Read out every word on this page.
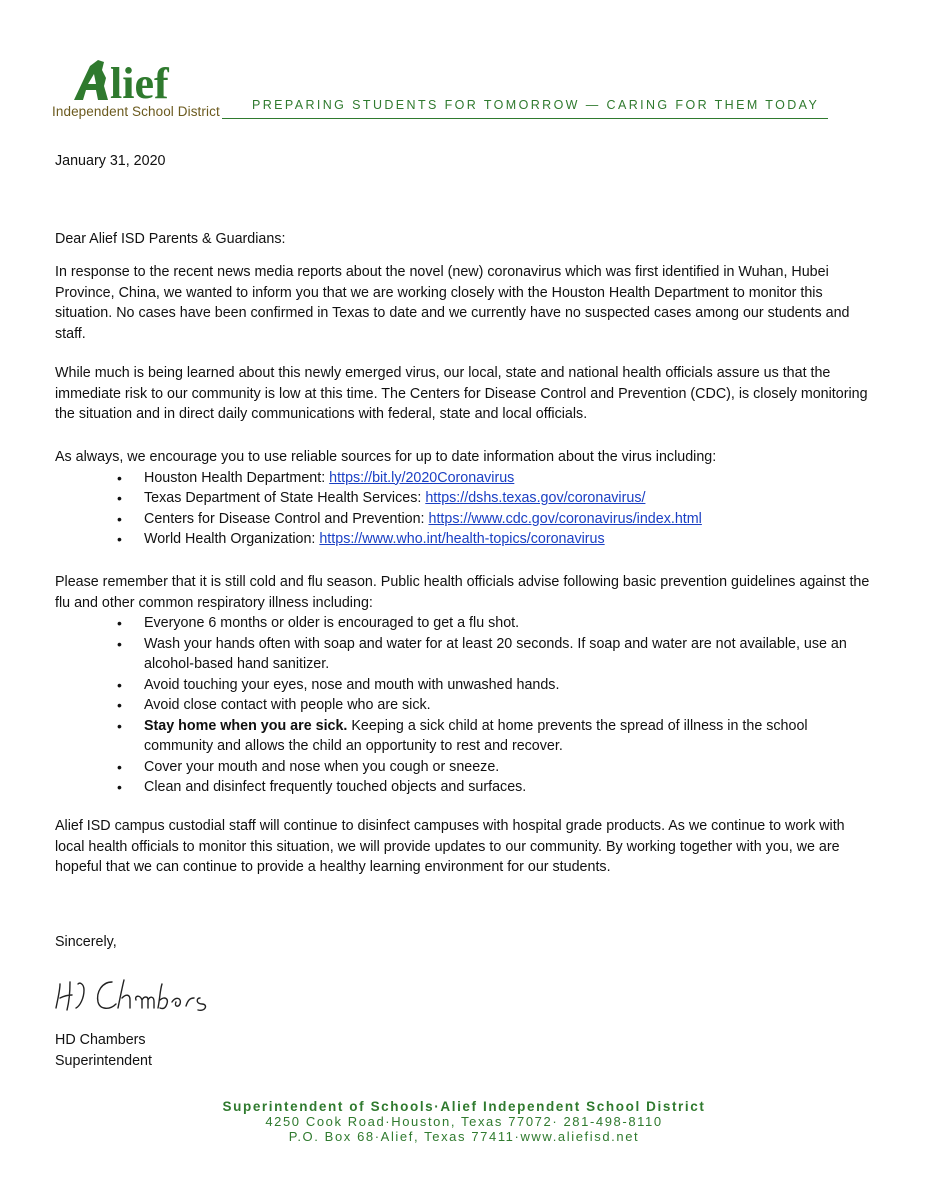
lief
Independent School District	PREPARING STUDENTS FOR TOMORROW — CARING FOR THEM TODAY
January 31, 2020
Dear Alief ISD Parents & Guardians:

In response to the recent news media reports about the novel (new) coronavirus which was first identified in Wuhan, Hubei Province, China, we wanted to inform you that we are working closely with the Houston Health Department to monitor this situation. No cases have been confirmed in Texas to date and we currently have no suspected cases among our students and staff.

While much is being learned about this newly emerged virus, our local, state and national health officials assure us that the immediate risk to our community is low at this time. The Centers for Disease Control and Prevention (CDC), is closely monitoring the situation and in direct daily communications with federal, state and local officials.

As always, we encourage you to use reliable sources for up to date information about the virus including:

• Houston Health Department: https://bit.ly/2020Coronavirus
• Texas Department of State Health Services: https://dshs.texas.gov/coronavirus/
• Centers for Disease Control and Prevention: https://www.cdc.gov/coronavirus/index.html
• World Health Organization: https://www.who.int/health-topics/coronavirus

Please remember that it is still cold and flu season. Public health officials advise following basic prevention guidelines against the flu and other common respiratory illness including:

• Everyone 6 months or older is encouraged to get a flu shot.
• Wash your hands often with soap and water for at least 20 seconds. If soap and water are not available, use an alcohol-based hand sanitizer.
• Avoid touching your eyes, nose and mouth with unwashed hands.
• Avoid close contact with people who are sick.
• Stay home when you are sick. Keeping a sick child at home prevents the spread of illness in the school community and allows the child an opportunity to rest and recover.
• Cover your mouth and nose when you cough or sneeze.
• Clean and disinfect frequently touched objects and surfaces.

Alief ISD campus custodial staff will continue to disinfect campuses with hospital grade products. As we continue to work with local health officials to monitor this situation, we will provide updates to our community. By working together with you, we are hopeful that we can continue to provide a healthy learning environment for our students.

Sincerely,
HD Chambers
Superintendent
Superintendent of Schools·Alief Independent School District
4250 Cook Road·Houston, Texas 77072· 281-498-8110
P.O. Box 68·Alief, Texas 77411·www.aliefisd.net
